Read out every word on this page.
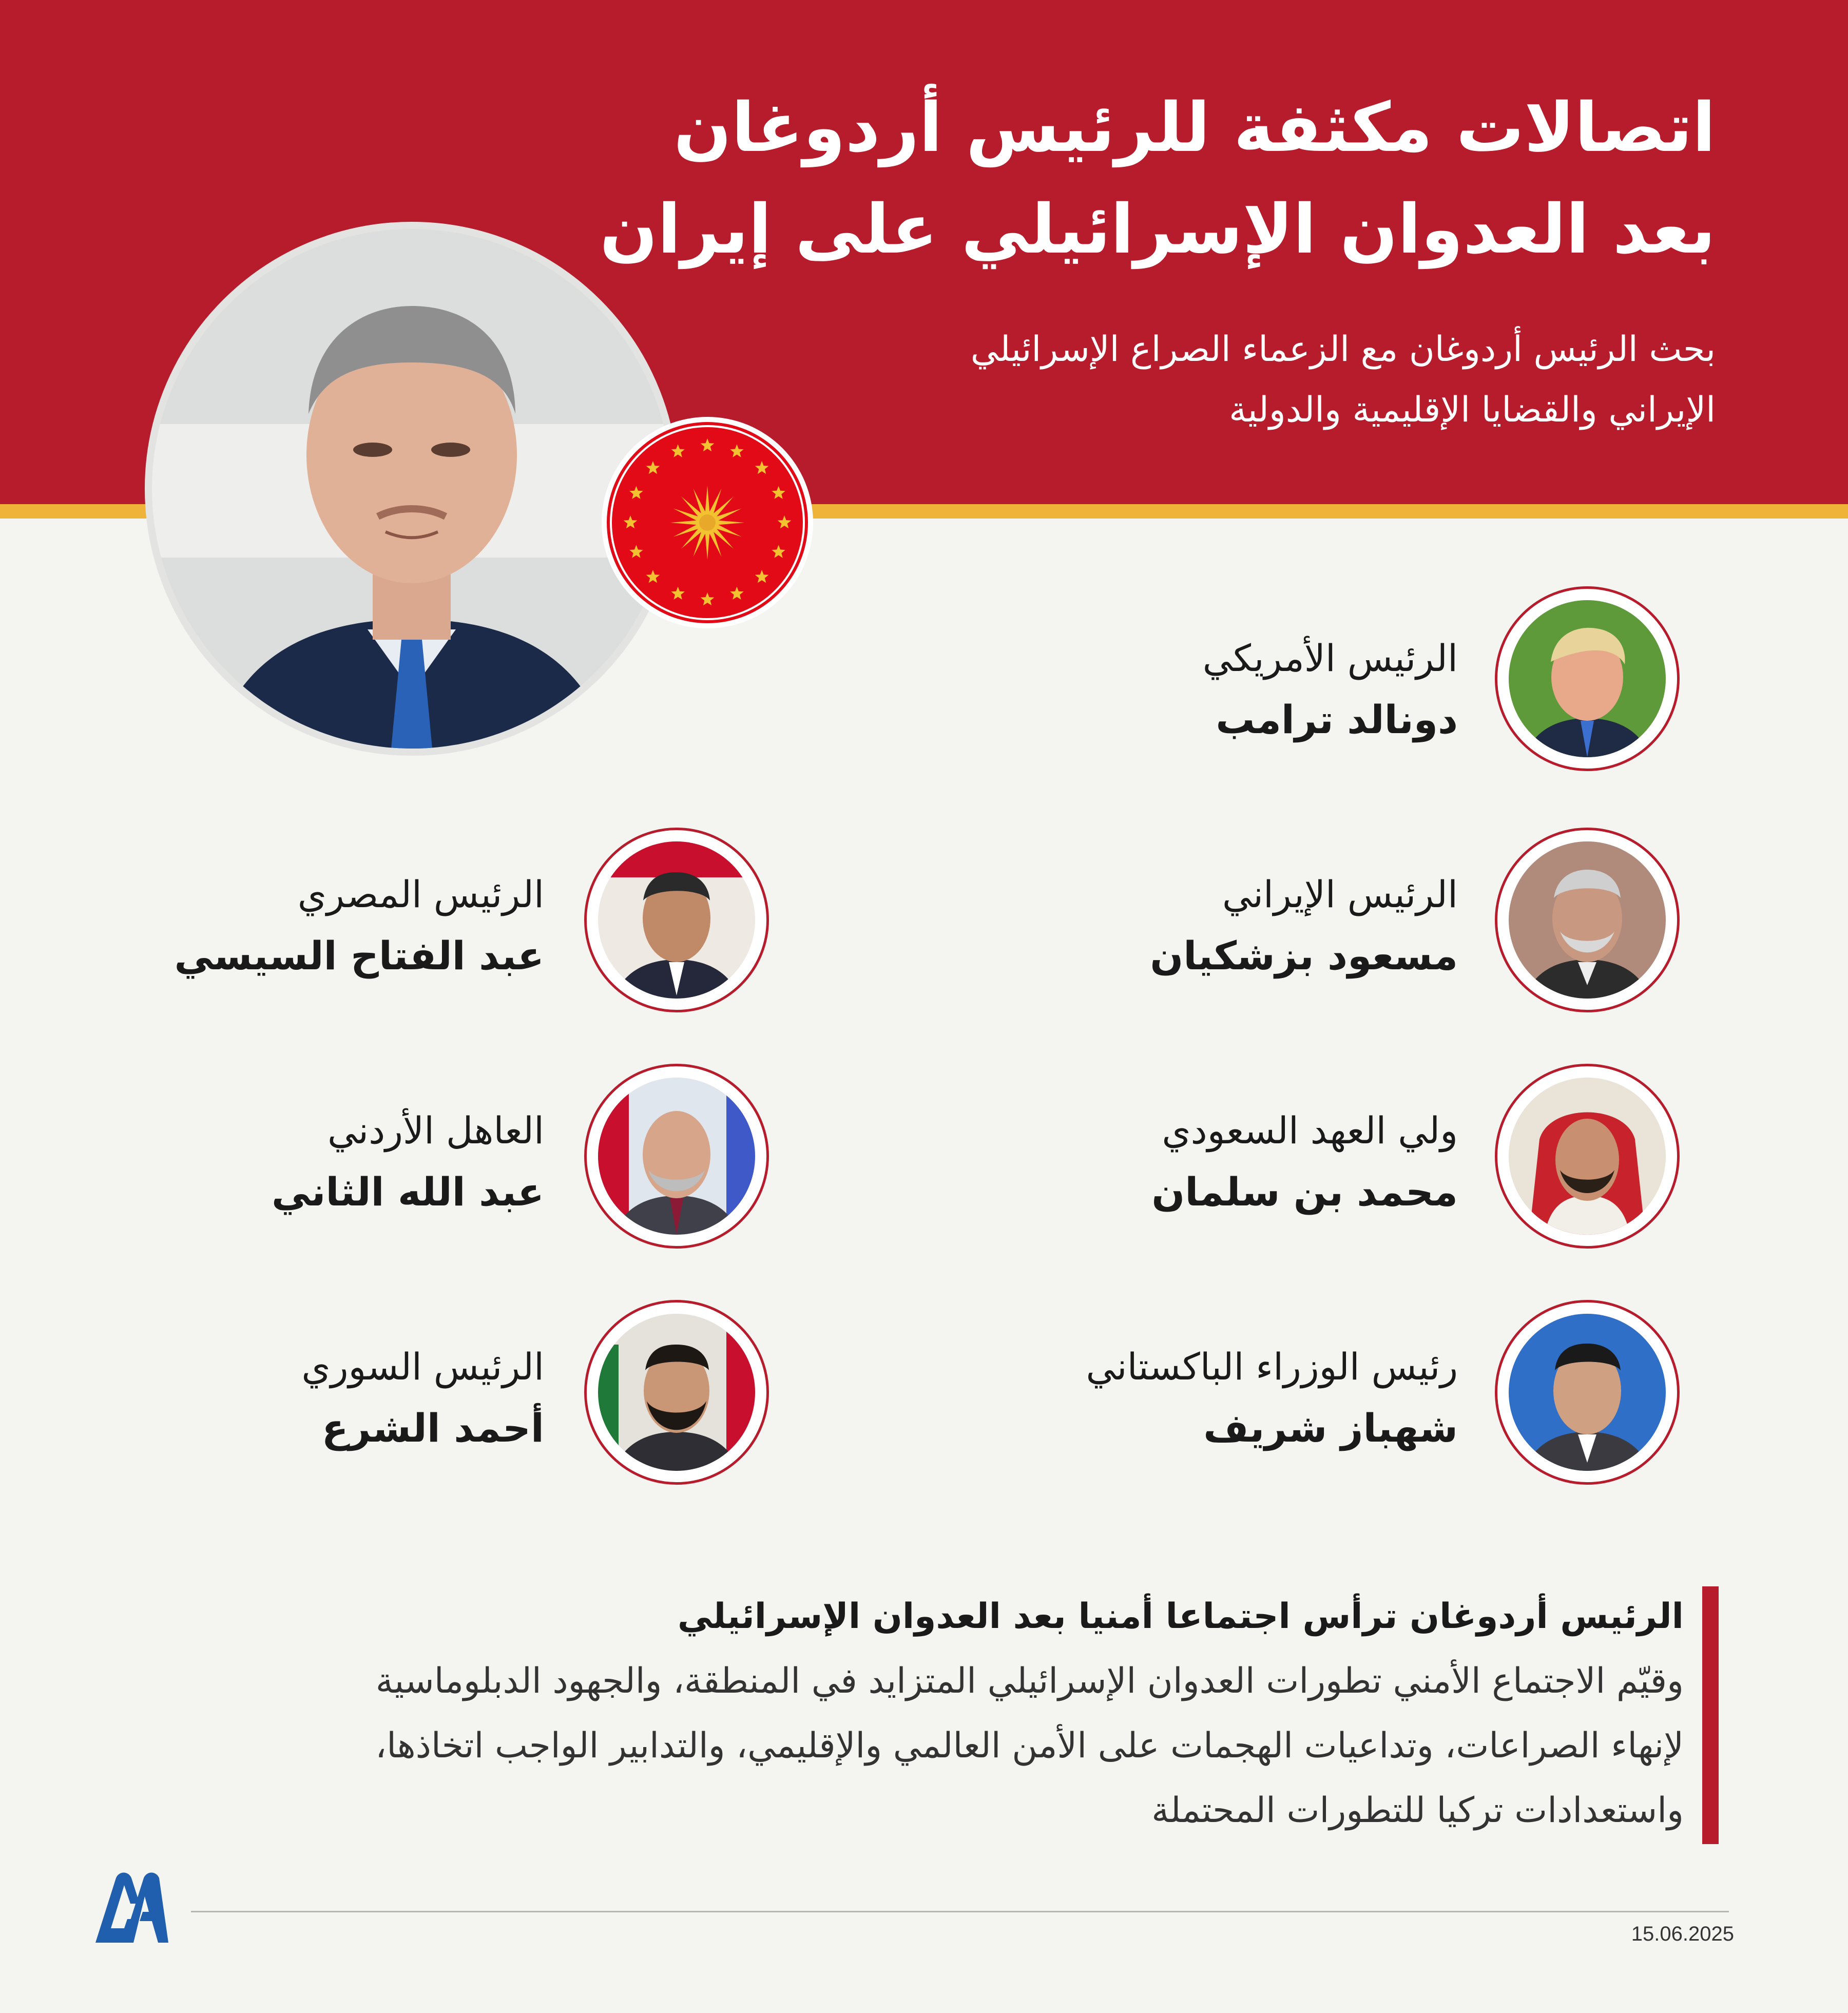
اتصالات مكثفة للرئيس أردوغان
بعد العدوان الإسرائيلي على إيران
بحث الرئيس أردوغان مع الزعماء الصراع الإسرائيلي
الإيراني والقضايا الإقليمية والدولية
الرئيس الأمريكي
دونالد ترامب
الرئيس الإيراني
مسعود بزشكيان
الرئيس المصري
عبد الفتاح السيسي
ولي العهد السعودي
محمد بن سلمان
العاهل الأردني
عبد الله الثاني
رئيس الوزراء الباكستاني
شهباز شريف
الرئيس السوري
أحمد الشرع
الرئيس أردوغان ترأس اجتماعا أمنيا بعد العدوان الإسرائيلي
وقيّم الاجتماع الأمني تطورات العدوان الإسرائيلي المتزايد في المنطقة، والجهود الدبلوماسية
لإنهاء الصراعات، وتداعيات الهجمات على الأمن العالمي والإقليمي، والتدابير الواجب اتخاذها،
واستعدادات تركيا للتطورات المحتملة
15.06.2025
